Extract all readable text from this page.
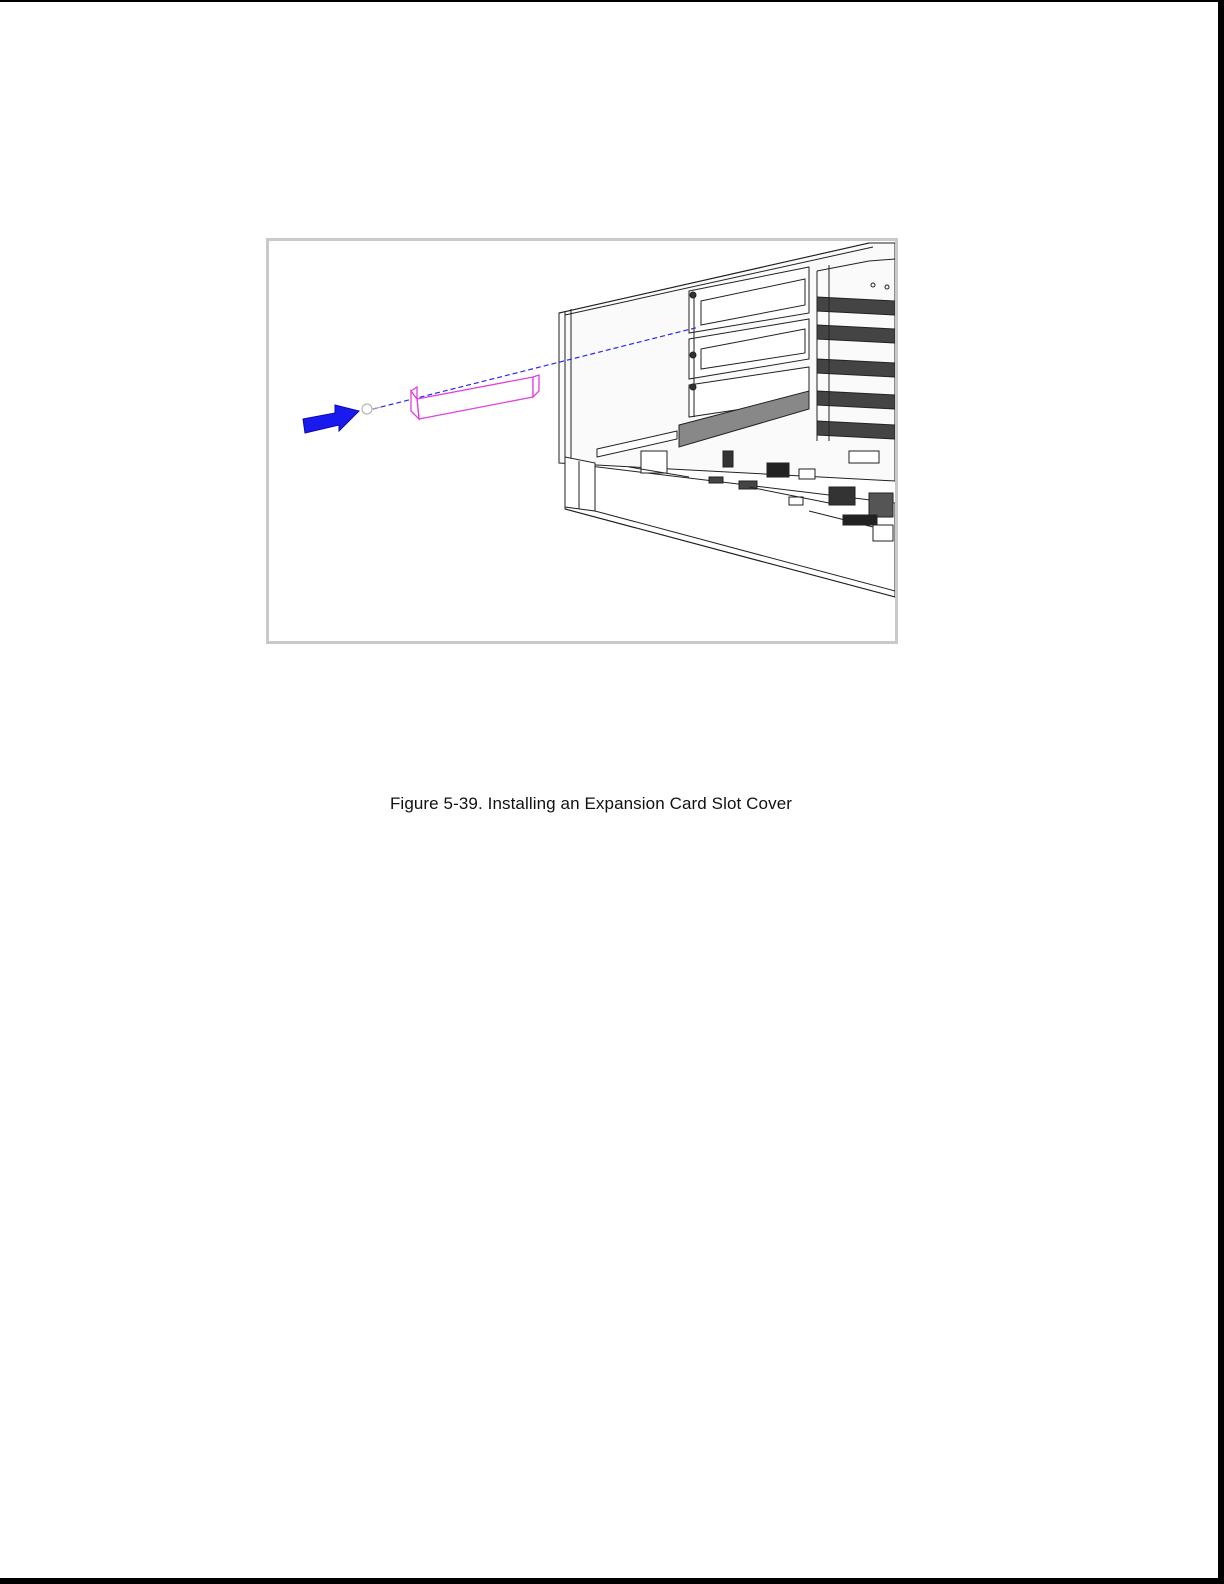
Figure 5-39. Installing an Expansion Card Slot Cover
